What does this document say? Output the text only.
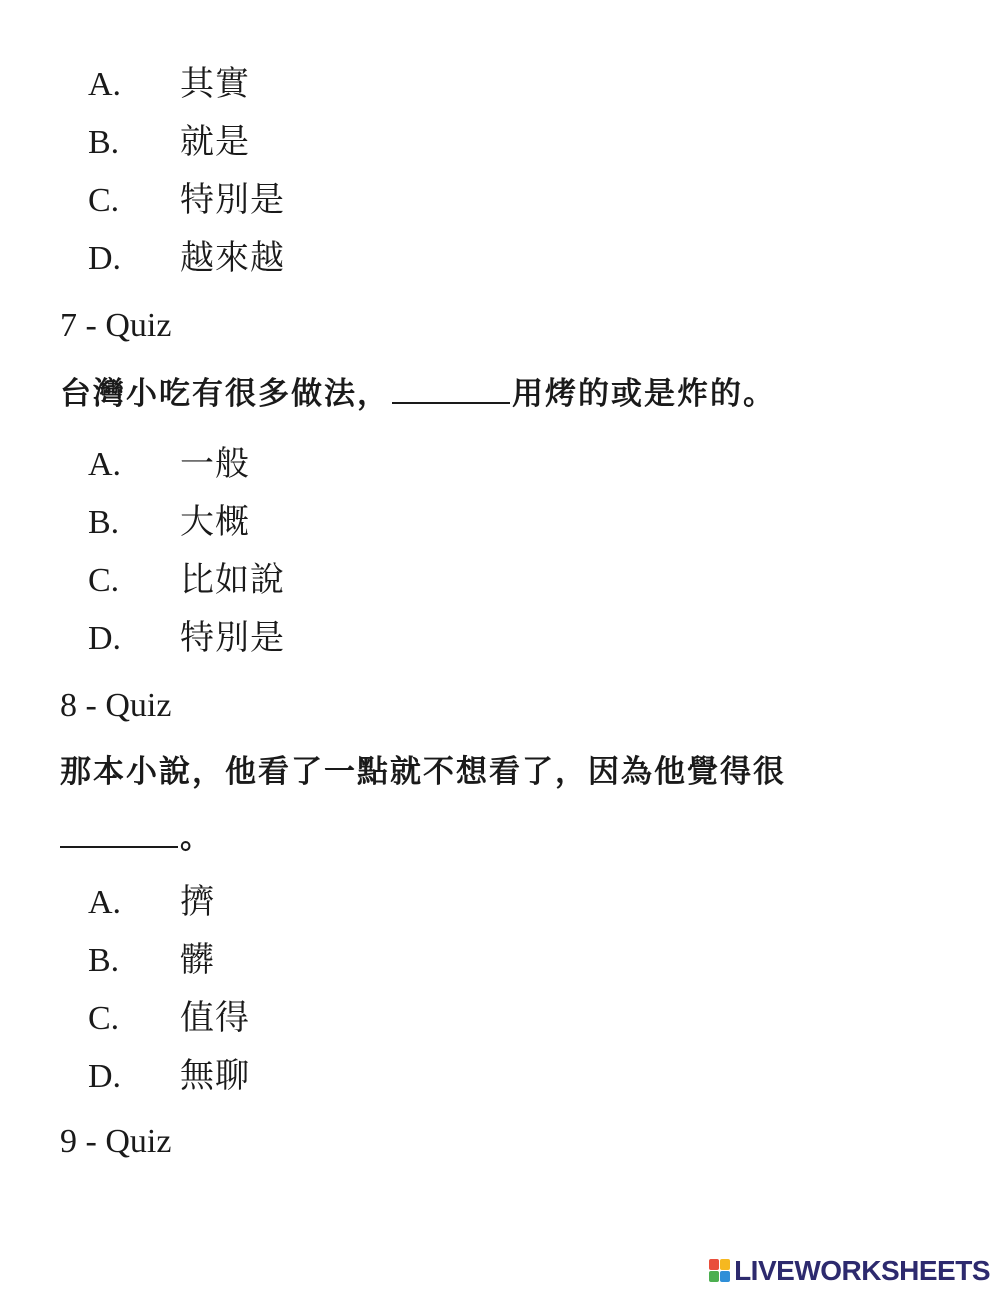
A. 其實
B. 就是
C. 特別是
D. 越來越
7 - Quiz
台灣小吃有很多做法，	用烤的或是炸的。
A. 一般
B. 大概
C. 比如說
D. 特別是
8 - Quiz
那本小說，他看了一點就不想看了，因為他覺得很
。
A. 擠
B. 髒
C. 值得
D. 無聊
9 - Quiz
LIVEWORKSHEETS
